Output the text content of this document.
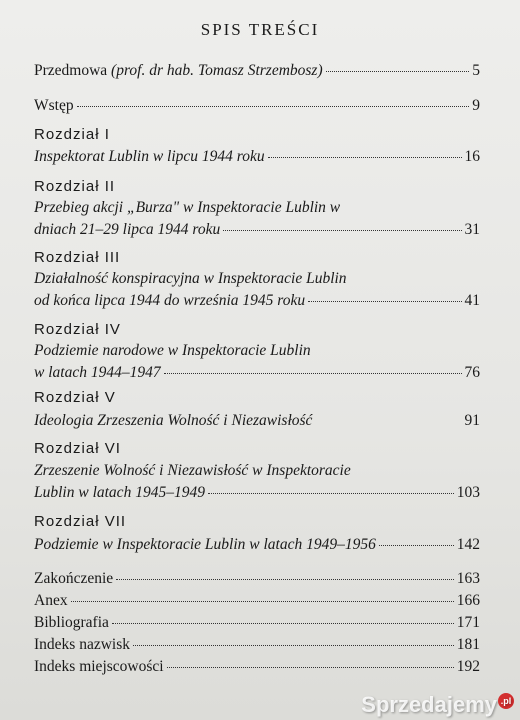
SPIS TREŚCI
Przedmowa (prof. dr hab. Tomasz Strzembosz)	5
Wstęp	9
Rozdział I
Inspektorat Lublin w lipcu 1944 roku	16
Rozdział II
Przebieg akcji „Burza" w Inspektoracie Lublin w
dniach 21–29 lipca 1944 roku	31
Rozdział III
Działalność konspiracyjna w Inspektoracie Lublin
od końca lipca 1944 do września 1945 roku	41
Rozdział IV
Podziemie narodowe w Inspektoracie Lublin
w latach 1944–1947	76
Rozdział V
Ideologia Zrzeszenia Wolność i Niezawisłość	91
Rozdział VI
Zrzeszenie Wolność i Niezawisłość w Inspektoracie
Lublin w latach 1945–1949	103
Rozdział VII
Podziemie w Inspektoracie Lublin w latach 1949–1956	142
Zakończenie	163
Anex	166
Bibliografia	171
Indeks nazwisk	181
Indeks miejscowości	192
Sprzedajemy .pl
